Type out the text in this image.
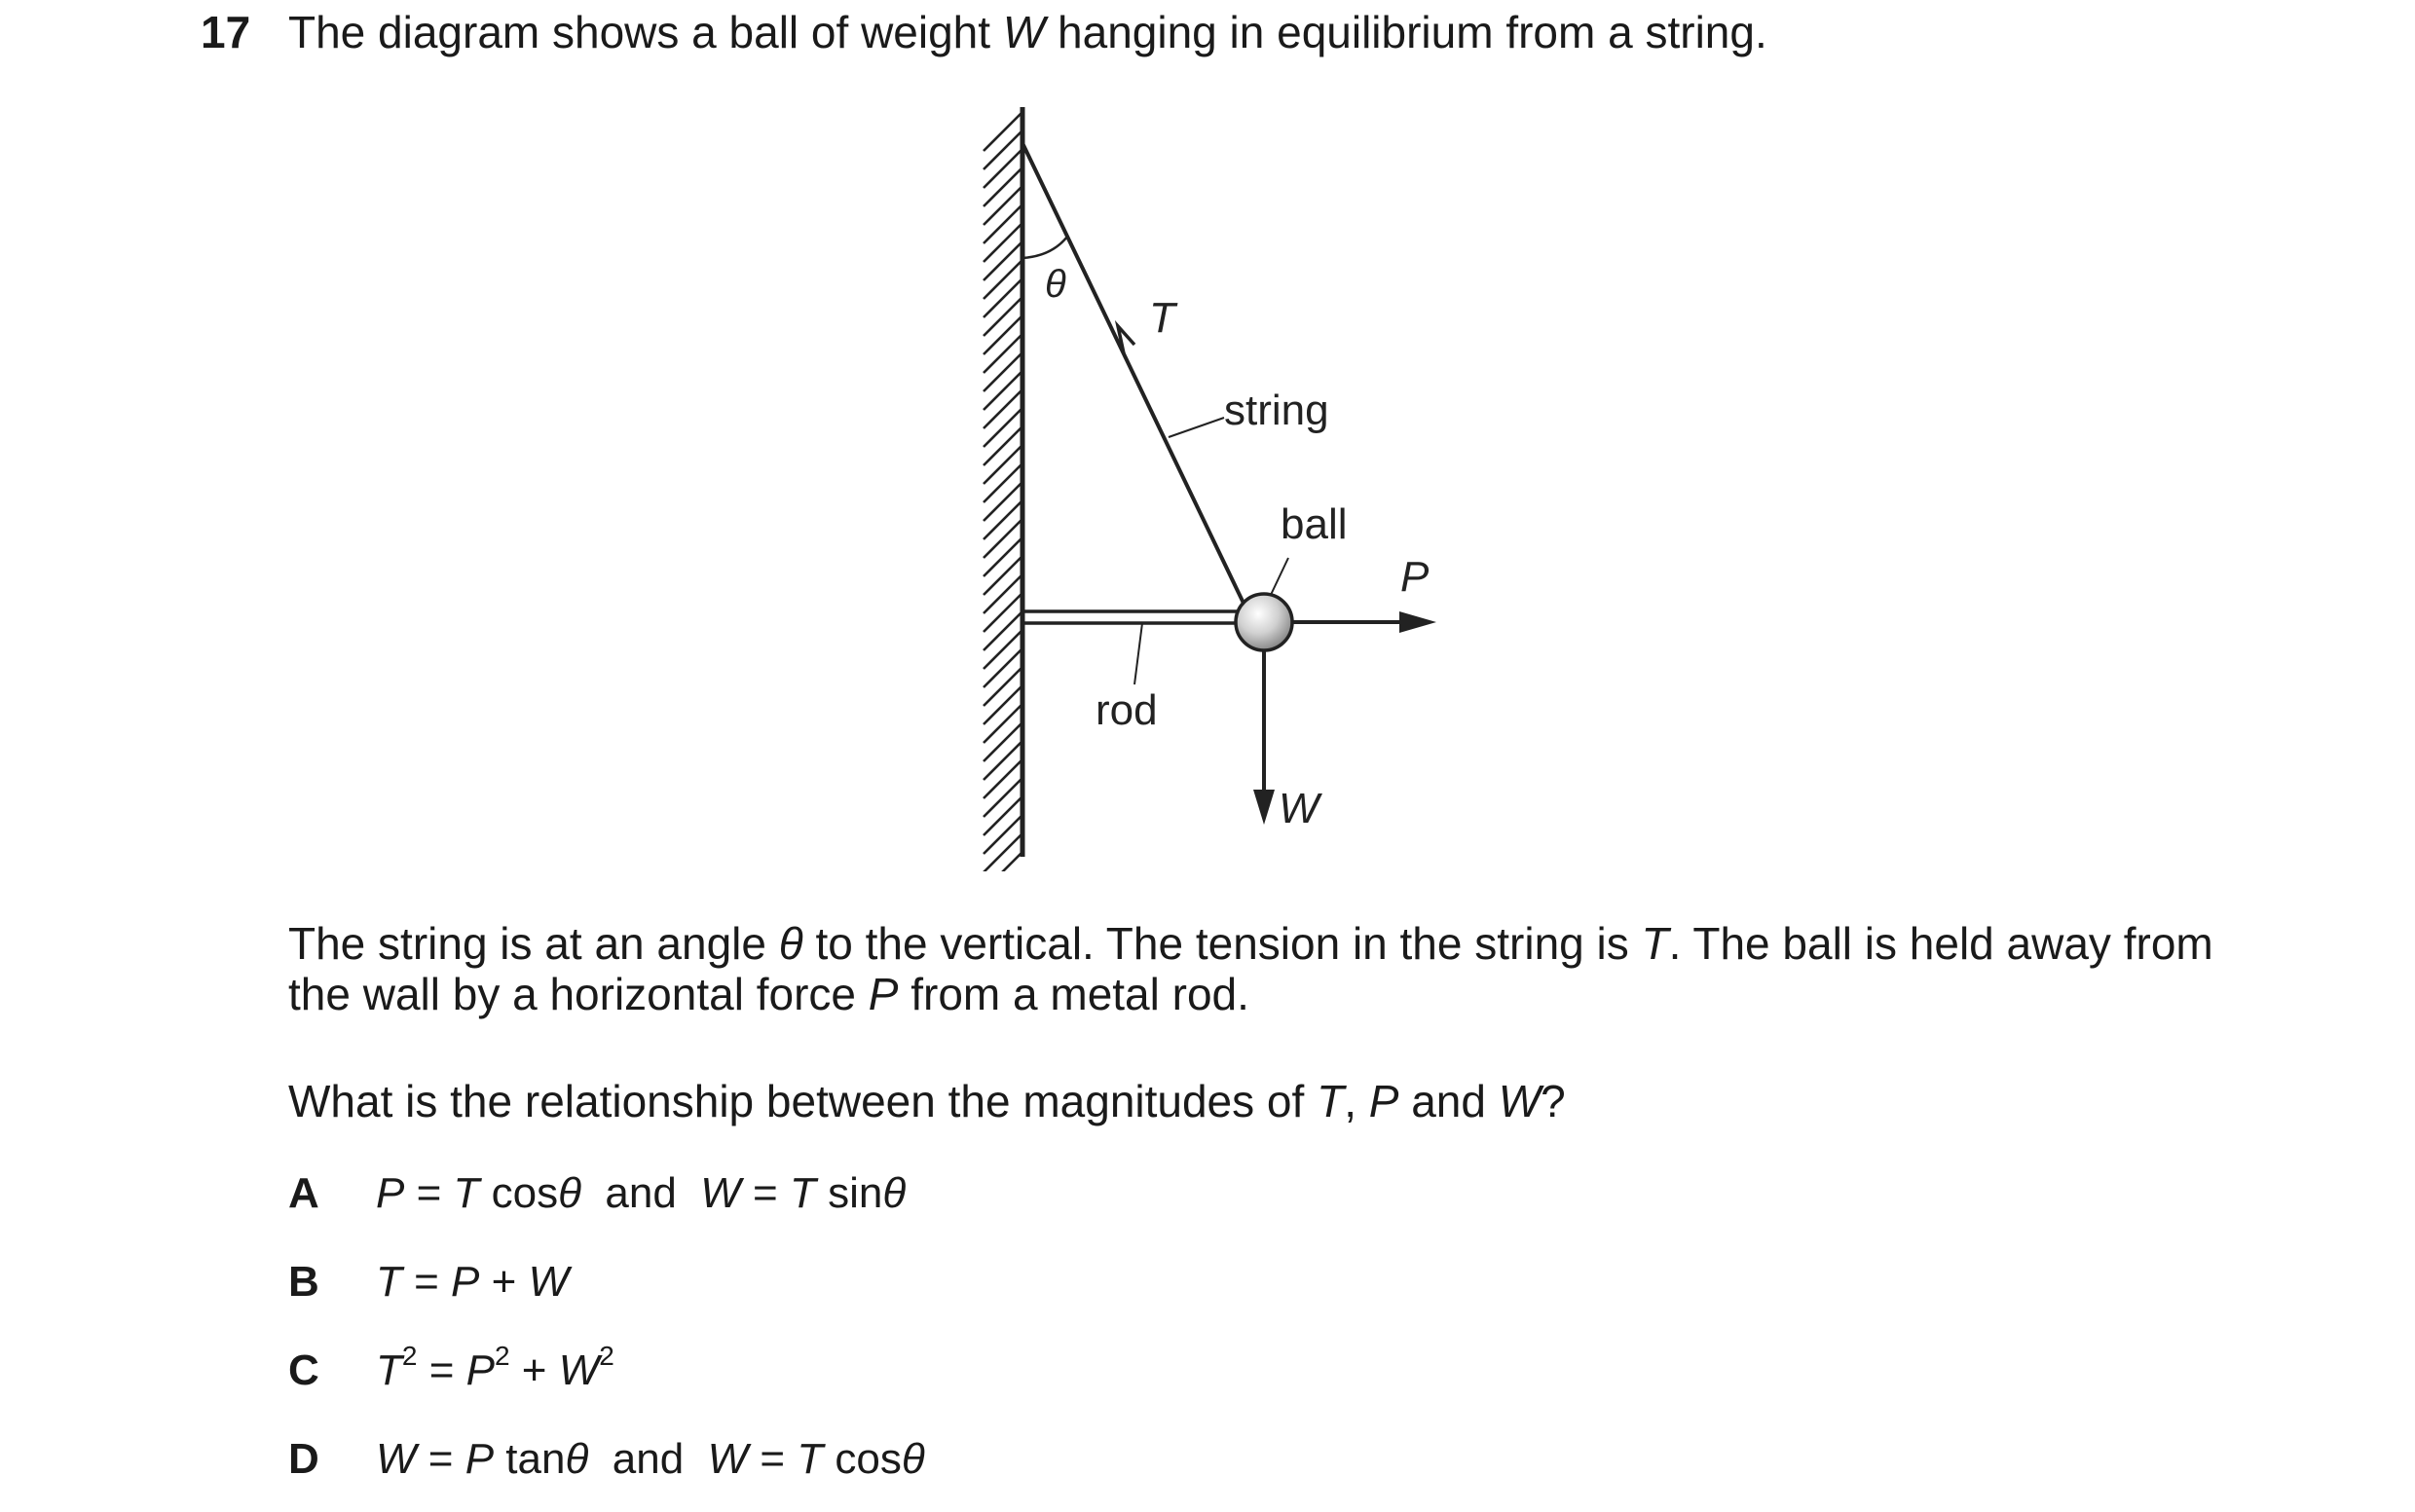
17 The diagram shows a ball of weight W hanging in equilibrium from a string.
θ
T
string
ball
rod
P
W
The string is at an angle θ to the vertical. The tension in the string is T. The ball is held away from
the wall by a horizontal force P from a metal rod.
What is the relationship between the magnitudes of T, P and W?
A P = T cosθ  and  W = T sinθ
B T = P + W
C $T^2 = P^2 + W^2$
D W = P tanθ  and  W = T cosθ
